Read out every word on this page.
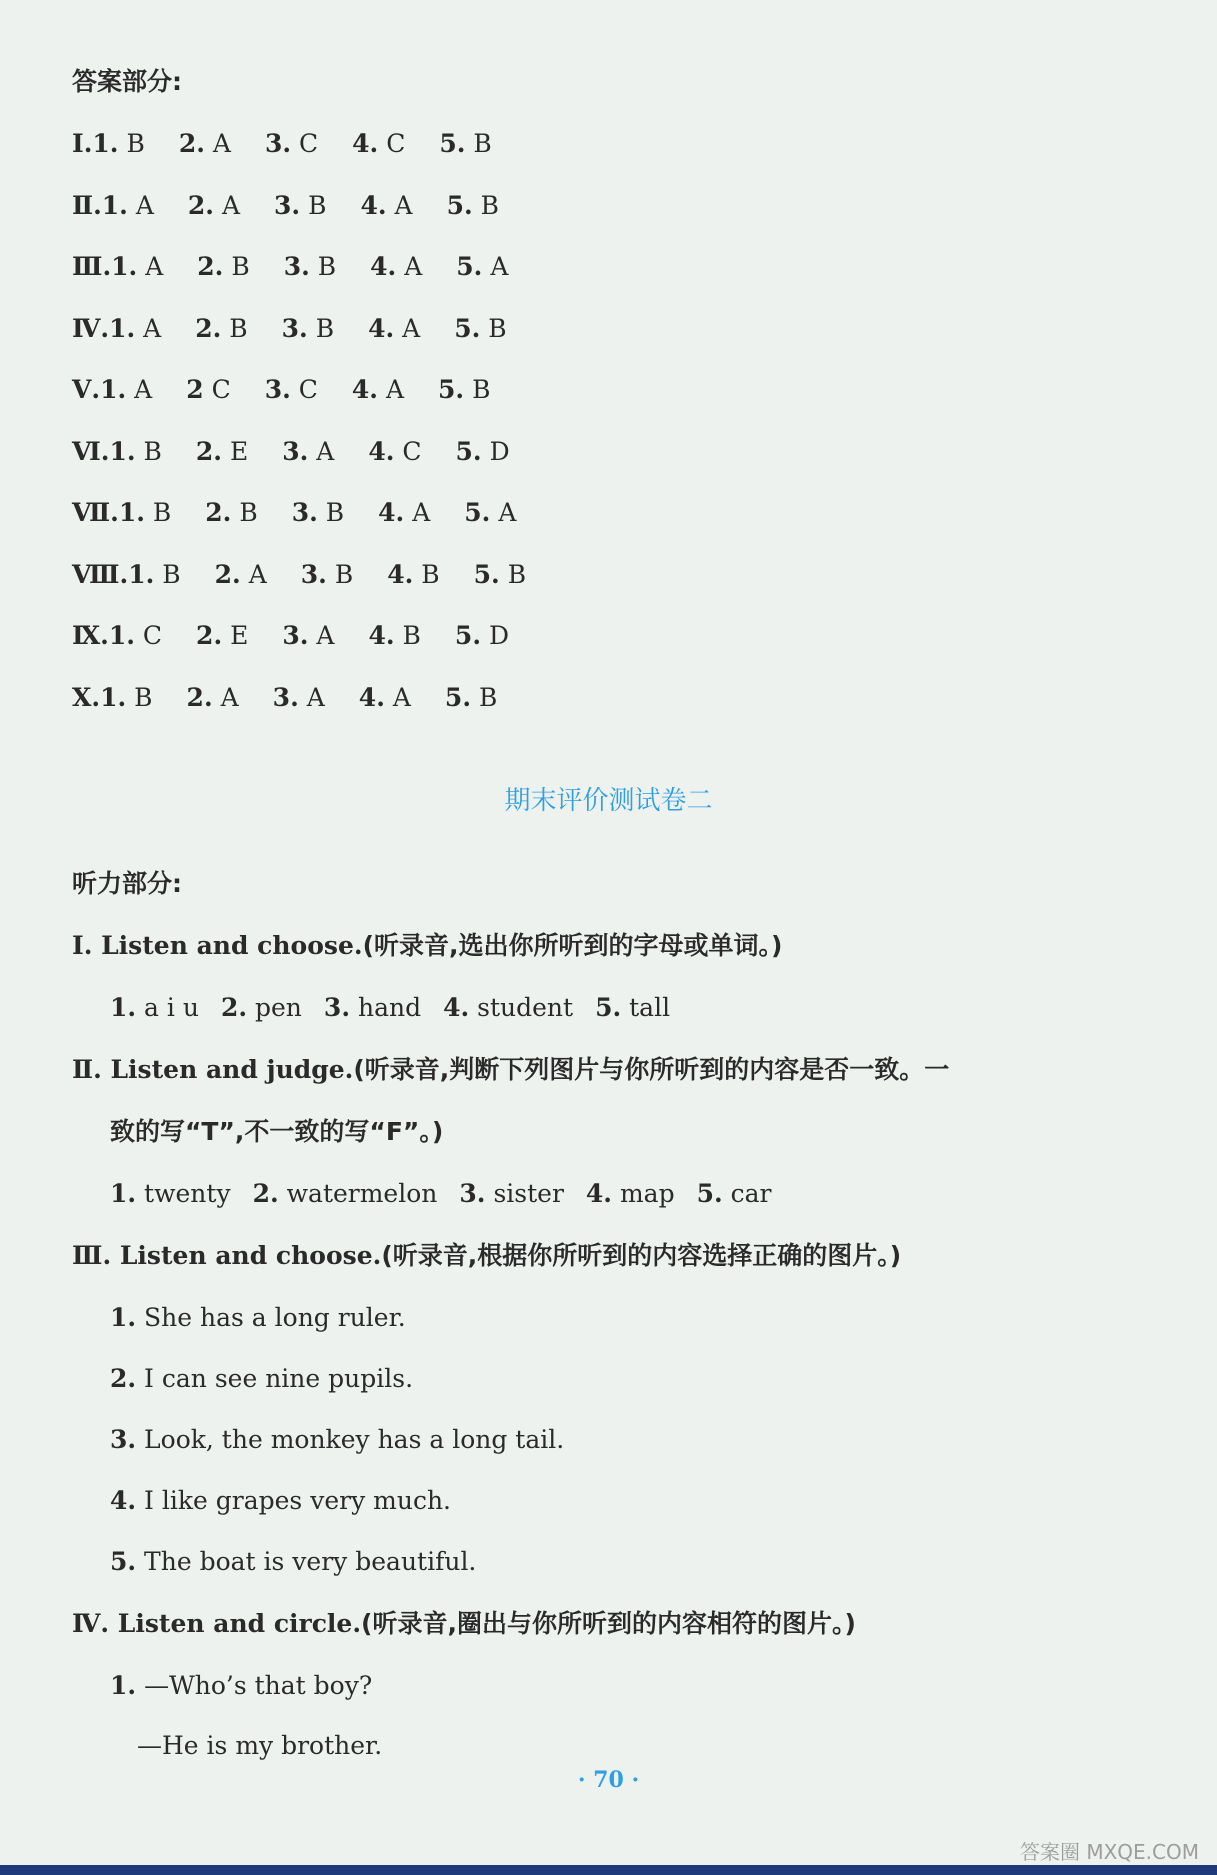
答案部分:
Ⅰ.1. B 2. A 3. C 4. C 5. B
Ⅱ.1. A 2. A 3. B 4. A 5. B
Ⅲ.1. A 2. B 3. B 4. A 5. A
Ⅳ.1. A 2. B 3. B 4. A 5. B
Ⅴ.1. A 2 C 3. C 4. A 5. B
Ⅵ.1. B 2. E 3. A 4. C 5. D
Ⅶ.1. B 2. B 3. B 4. A 5. A
Ⅷ.1. B 2. A 3. B 4. B 5. B
Ⅸ.1. C 2. E 3. A 4. B 5. D
Ⅹ.1. B 2. A 3. A 4. A 5. B
期末评价测试卷二
听力部分:
Ⅰ. Listen and choose.(听录音,选出你所听到的字母或单词。)
1. a i u 2. pen 3. hand 4. student 5. tall
Ⅱ. Listen and judge.(听录音,判断下列图片与你所听到的内容是否一致。一
致的写“T”,不一致的写“F”。)
1. twenty 2. watermelon 3. sister 4. map 5. car
Ⅲ. Listen and choose.(听录音,根据你所听到的内容选择正确的图片。)
1. She has a long ruler.
2. I can see nine pupils.
3. Look, the monkey has a long tail.
4. I like grapes very much.
5. The boat is very beautiful.
Ⅳ. Listen and circle.(听录音,圈出与你所听到的内容相符的图片。)
1. —Who’s that boy?
—He is my brother.
· 70 ·
答案圈 MXQE.COM
